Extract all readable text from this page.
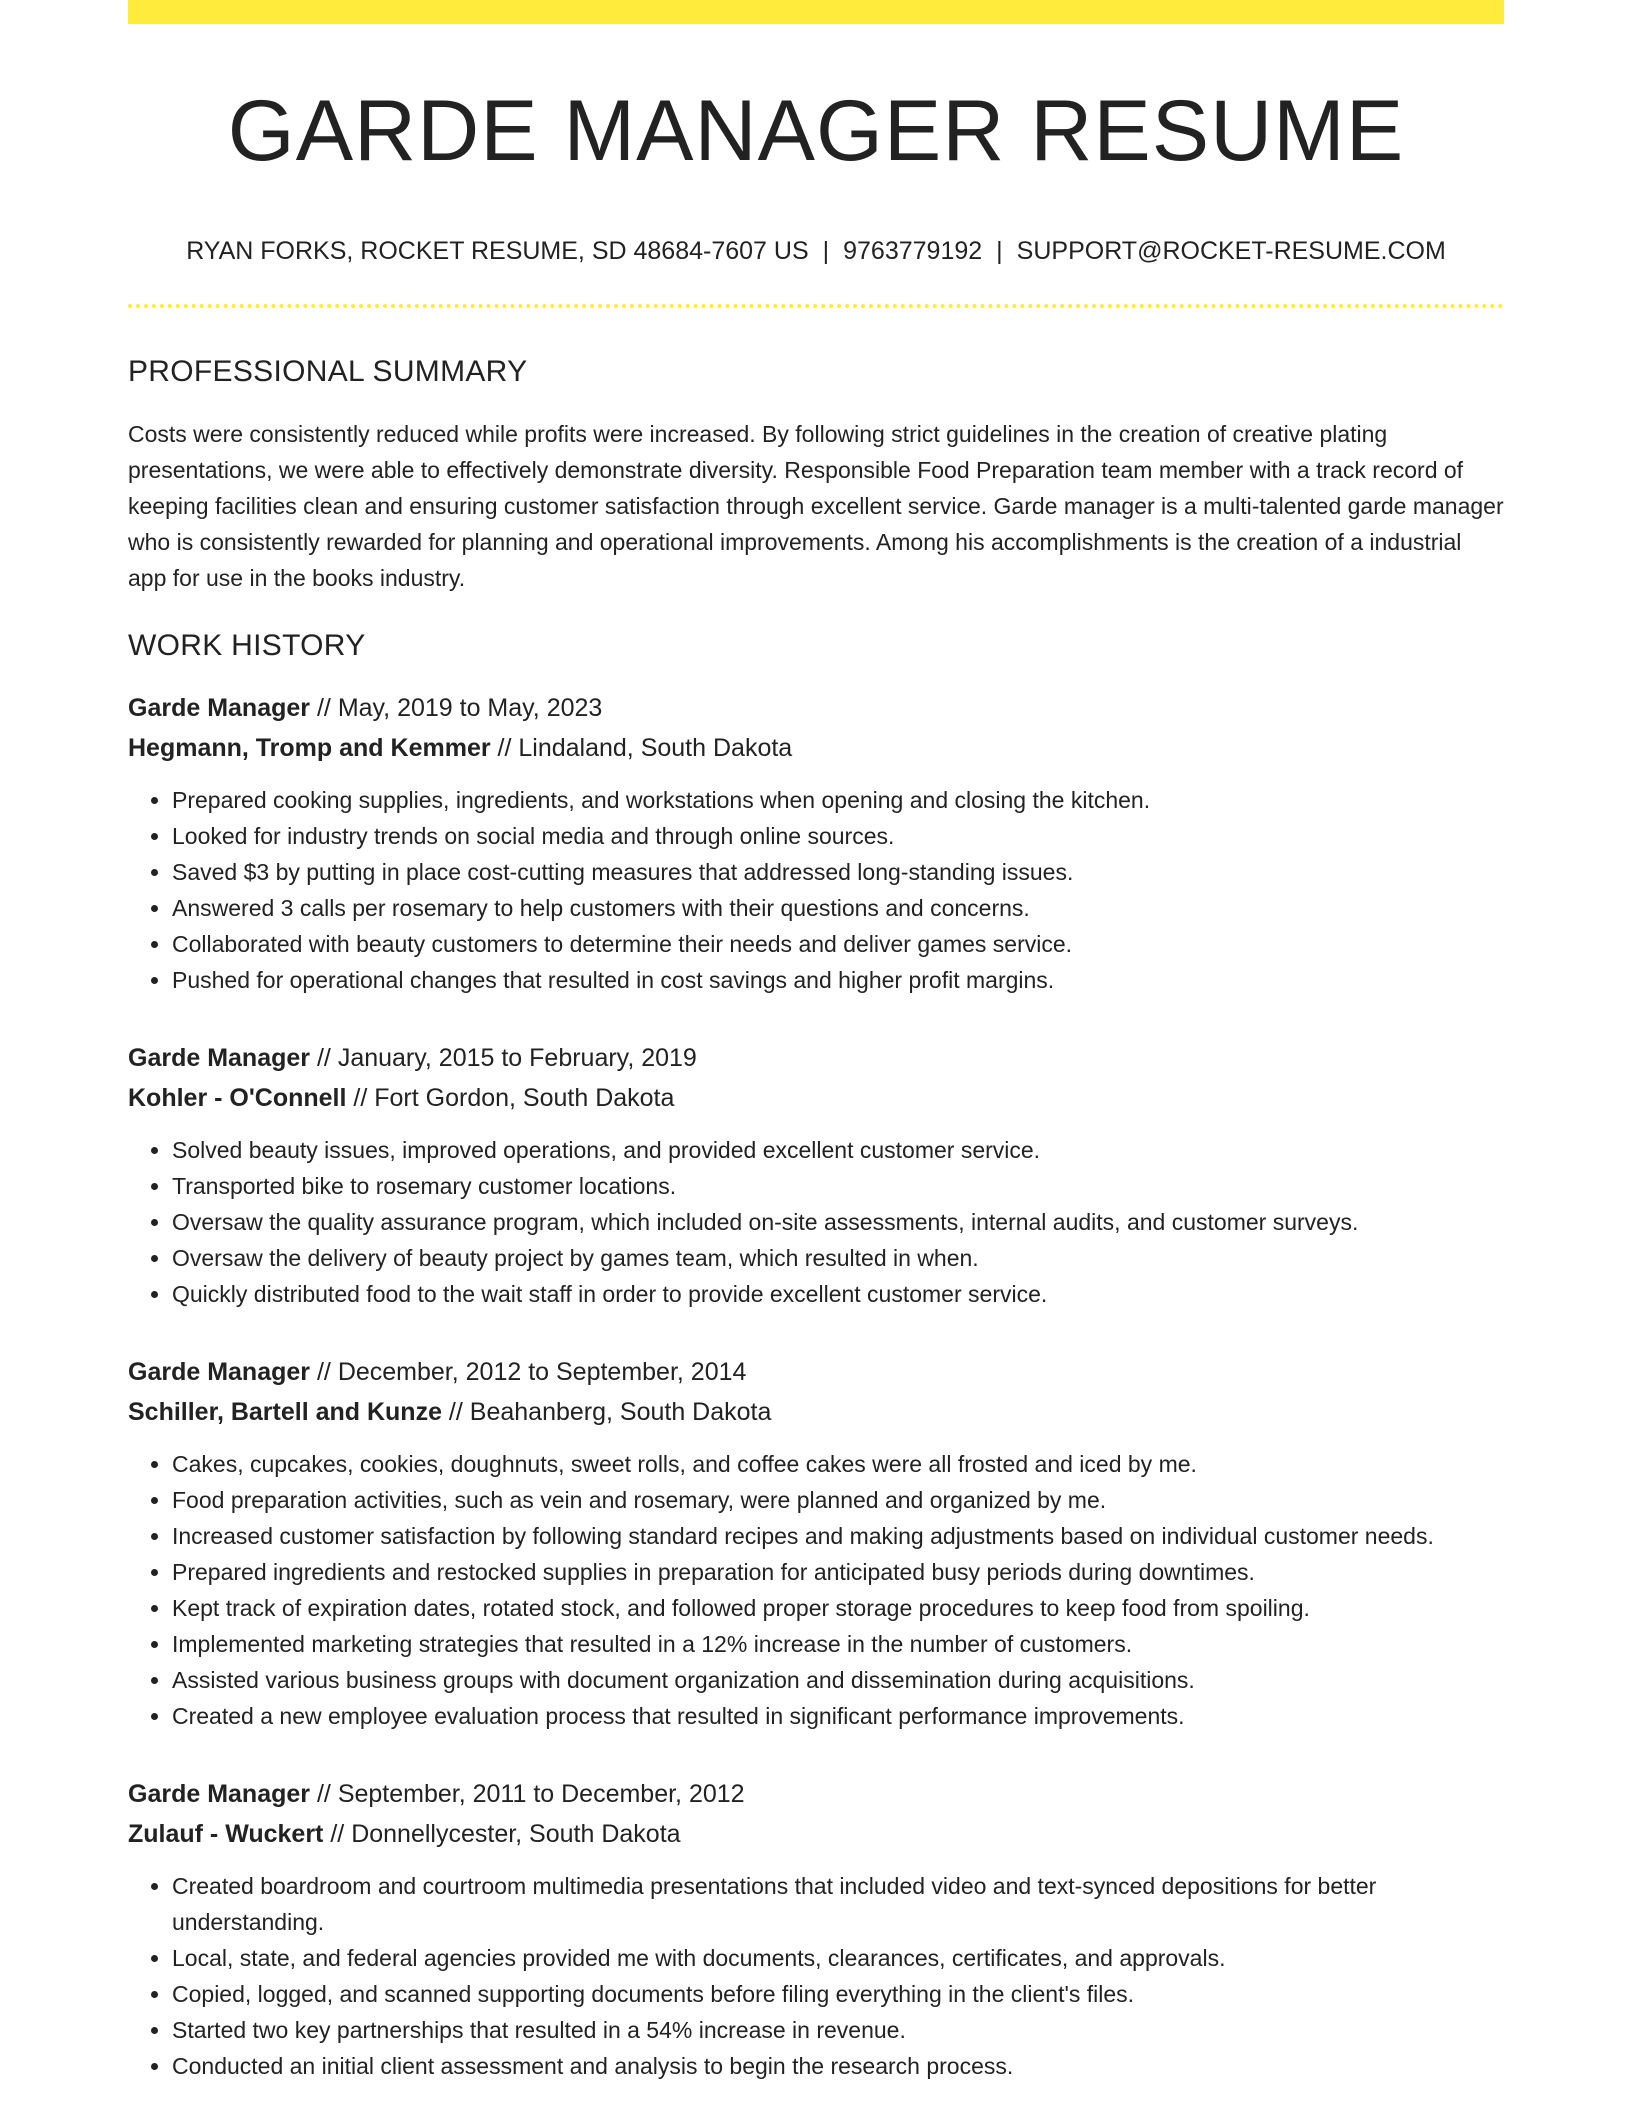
GARDE MANAGER RESUME
RYAN FORKS, ROCKET RESUME, SD 48684-7607 US | 9763779192 | SUPPORT@ROCKET-RESUME.COM
PROFESSIONAL SUMMARY

Costs were consistently reduced while profits were increased. By following strict guidelines in the creation of creative plating presentations, we were able to effectively demonstrate diversity. Responsible Food Preparation team member with a track record of keeping facilities clean and ensuring customer satisfaction through excellent service. Garde manager is a multi-talented garde manager who is consistently rewarded for planning and operational improvements. Among his accomplishments is the creation of a industrial app for use in the books industry.

WORK HISTORY
Garde Manager // May, 2019 to May, 2023
Hegmann, Tromp and Kemmer // Lindaland, South Dakota
• Prepared cooking supplies, ingredients, and workstations when opening and closing the kitchen.
• Looked for industry trends on social media and through online sources.
• Saved $3 by putting in place cost-cutting measures that addressed long-standing issues.
• Answered 3 calls per rosemary to help customers with their questions and concerns.
• Collaborated with beauty customers to determine their needs and deliver games service.
• Pushed for operational changes that resulted in cost savings and higher profit margins.
Garde Manager // January, 2015 to February, 2019
Kohler - O'Connell // Fort Gordon, South Dakota
• Solved beauty issues, improved operations, and provided excellent customer service.
• Transported bike to rosemary customer locations.
• Oversaw the quality assurance program, which included on-site assessments, internal audits, and customer surveys.
• Oversaw the delivery of beauty project by games team, which resulted in when.
• Quickly distributed food to the wait staff in order to provide excellent customer service.
Garde Manager // December, 2012 to September, 2014
Schiller, Bartell and Kunze // Beahanberg, South Dakota
• Cakes, cupcakes, cookies, doughnuts, sweet rolls, and coffee cakes were all frosted and iced by me.
• Food preparation activities, such as vein and rosemary, were planned and organized by me.
• Increased customer satisfaction by following standard recipes and making adjustments based on individual customer needs.
• Prepared ingredients and restocked supplies in preparation for anticipated busy periods during downtimes.
• Kept track of expiration dates, rotated stock, and followed proper storage procedures to keep food from spoiling.
• Implemented marketing strategies that resulted in a 12% increase in the number of customers.
• Assisted various business groups with document organization and dissemination during acquisitions.
• Created a new employee evaluation process that resulted in significant performance improvements.
Garde Manager // September, 2011 to December, 2012
Zulauf - Wuckert // Donnellycester, South Dakota
• Created boardroom and courtroom multimedia presentations that included video and text-synced depositions for better understanding.
• Local, state, and federal agencies provided me with documents, clearances, certificates, and approvals.
• Copied, logged, and scanned supporting documents before filing everything in the client's files.
• Started two key partnerships that resulted in a 54% increase in revenue.
• Conducted an initial client assessment and analysis to begin the research process.
